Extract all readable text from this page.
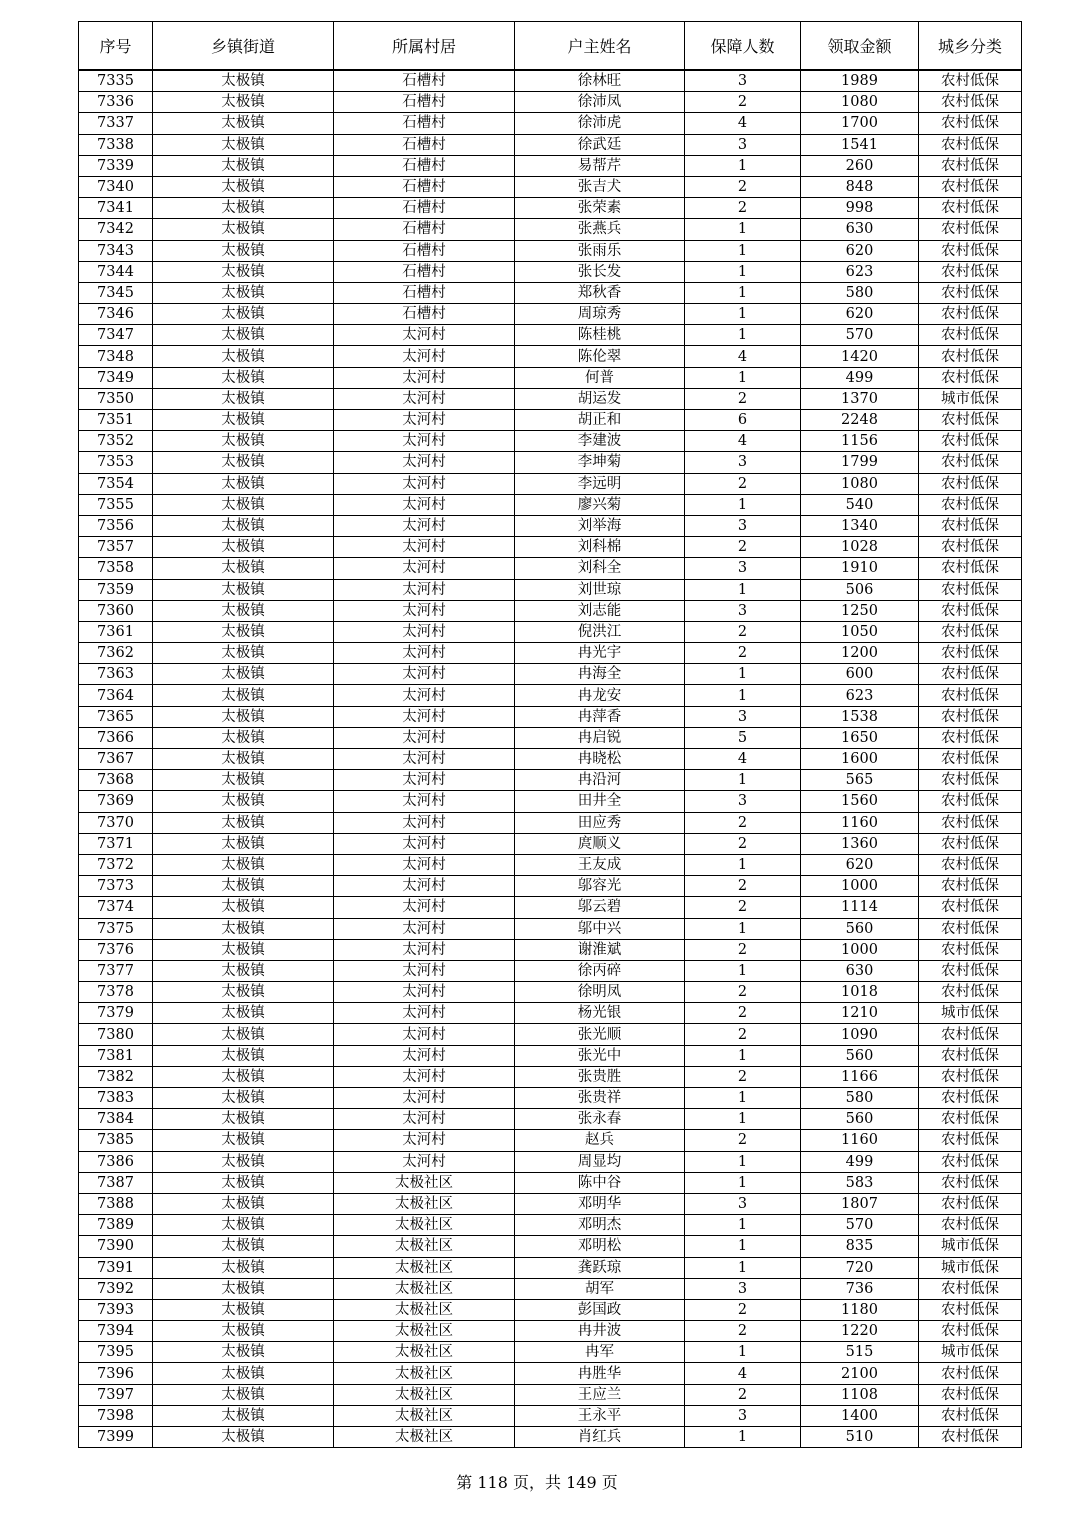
序号	乡镇街道	所属村居	户主姓名	保障人数	领取金额	城乡分类
7335	太极镇	石槽村	徐林旺	3	1989	农村低保
7336	太极镇	石槽村	徐沛凤	2	1080	农村低保
7337	太极镇	石槽村	徐沛虎	4	1700	农村低保
7338	太极镇	石槽村	徐武廷	3	1541	农村低保
7339	太极镇	石槽村	易帮芹	1	260	农村低保
7340	太极镇	石槽村	张吉犬	2	848	农村低保
7341	太极镇	石槽村	张荣素	2	998	农村低保
7342	太极镇	石槽村	张燕兵	1	630	农村低保
7343	太极镇	石槽村	张雨乐	1	620	农村低保
7344	太极镇	石槽村	张长发	1	623	农村低保
7345	太极镇	石槽村	郑秋香	1	580	农村低保
7346	太极镇	石槽村	周琼秀	1	620	农村低保
7347	太极镇	太河村	陈桂桃	1	570	农村低保
7348	太极镇	太河村	陈伦翠	4	1420	农村低保
7349	太极镇	太河村	何普	1	499	农村低保
7350	太极镇	太河村	胡运发	2	1370	城市低保
7351	太极镇	太河村	胡正和	6	2248	农村低保
7352	太极镇	太河村	李建波	4	1156	农村低保
7353	太极镇	太河村	李坤菊	3	1799	农村低保
7354	太极镇	太河村	李远明	2	1080	农村低保
7355	太极镇	太河村	廖兴菊	1	540	农村低保
7356	太极镇	太河村	刘举海	3	1340	农村低保
7357	太极镇	太河村	刘科棉	2	1028	农村低保
7358	太极镇	太河村	刘科全	3	1910	农村低保
7359	太极镇	太河村	刘世琼	1	506	农村低保
7360	太极镇	太河村	刘志能	3	1250	农村低保
7361	太极镇	太河村	倪洪江	2	1050	农村低保
7362	太极镇	太河村	冉光宇	2	1200	农村低保
7363	太极镇	太河村	冉海全	1	600	农村低保
7364	太极镇	太河村	冉龙安	1	623	农村低保
7365	太极镇	太河村	冉萍香	3	1538	农村低保
7366	太极镇	太河村	冉启锐	5	1650	农村低保
7367	太极镇	太河村	冉晓松	4	1600	农村低保
7368	太极镇	太河村	冉沿河	1	565	农村低保
7369	太极镇	太河村	田井全	3	1560	农村低保
7370	太极镇	太河村	田应秀	2	1160	农村低保
7371	太极镇	太河村	庹顺义	2	1360	农村低保
7372	太极镇	太河村	王友成	1	620	农村低保
7373	太极镇	太河村	邬容光	2	1000	农村低保
7374	太极镇	太河村	邬云碧	2	1114	农村低保
7375	太极镇	太河村	邬中兴	1	560	农村低保
7376	太极镇	太河村	谢淮斌	2	1000	农村低保
7377	太极镇	太河村	徐丙碎	1	630	农村低保
7378	太极镇	太河村	徐明凤	2	1018	农村低保
7379	太极镇	太河村	杨光银	2	1210	城市低保
7380	太极镇	太河村	张光顺	2	1090	农村低保
7381	太极镇	太河村	张光中	1	560	农村低保
7382	太极镇	太河村	张贵胜	2	1166	农村低保
7383	太极镇	太河村	张贵祥	1	580	农村低保
7384	太极镇	太河村	张永春	1	560	农村低保
7385	太极镇	太河村	赵兵	2	1160	农村低保
7386	太极镇	太河村	周显均	1	499	农村低保
7387	太极镇	太极社区	陈中谷	1	583	农村低保
7388	太极镇	太极社区	邓明华	3	1807	农村低保
7389	太极镇	太极社区	邓明杰	1	570	农村低保
7390	太极镇	太极社区	邓明松	1	835	城市低保
7391	太极镇	太极社区	龚跃琼	1	720	城市低保
7392	太极镇	太极社区	胡军	3	736	农村低保
7393	太极镇	太极社区	彭国政	2	1180	农村低保
7394	太极镇	太极社区	冉井波	2	1220	农村低保
7395	太极镇	太极社区	冉军	1	515	城市低保
7396	太极镇	太极社区	冉胜华	4	2100	农村低保
7397	太极镇	太极社区	王应兰	2	1108	农村低保
7398	太极镇	太极社区	王永平	3	1400	农村低保
7399	太极镇	太极社区	肖红兵	1	510	农村低保
第 118 页，共 149 页
